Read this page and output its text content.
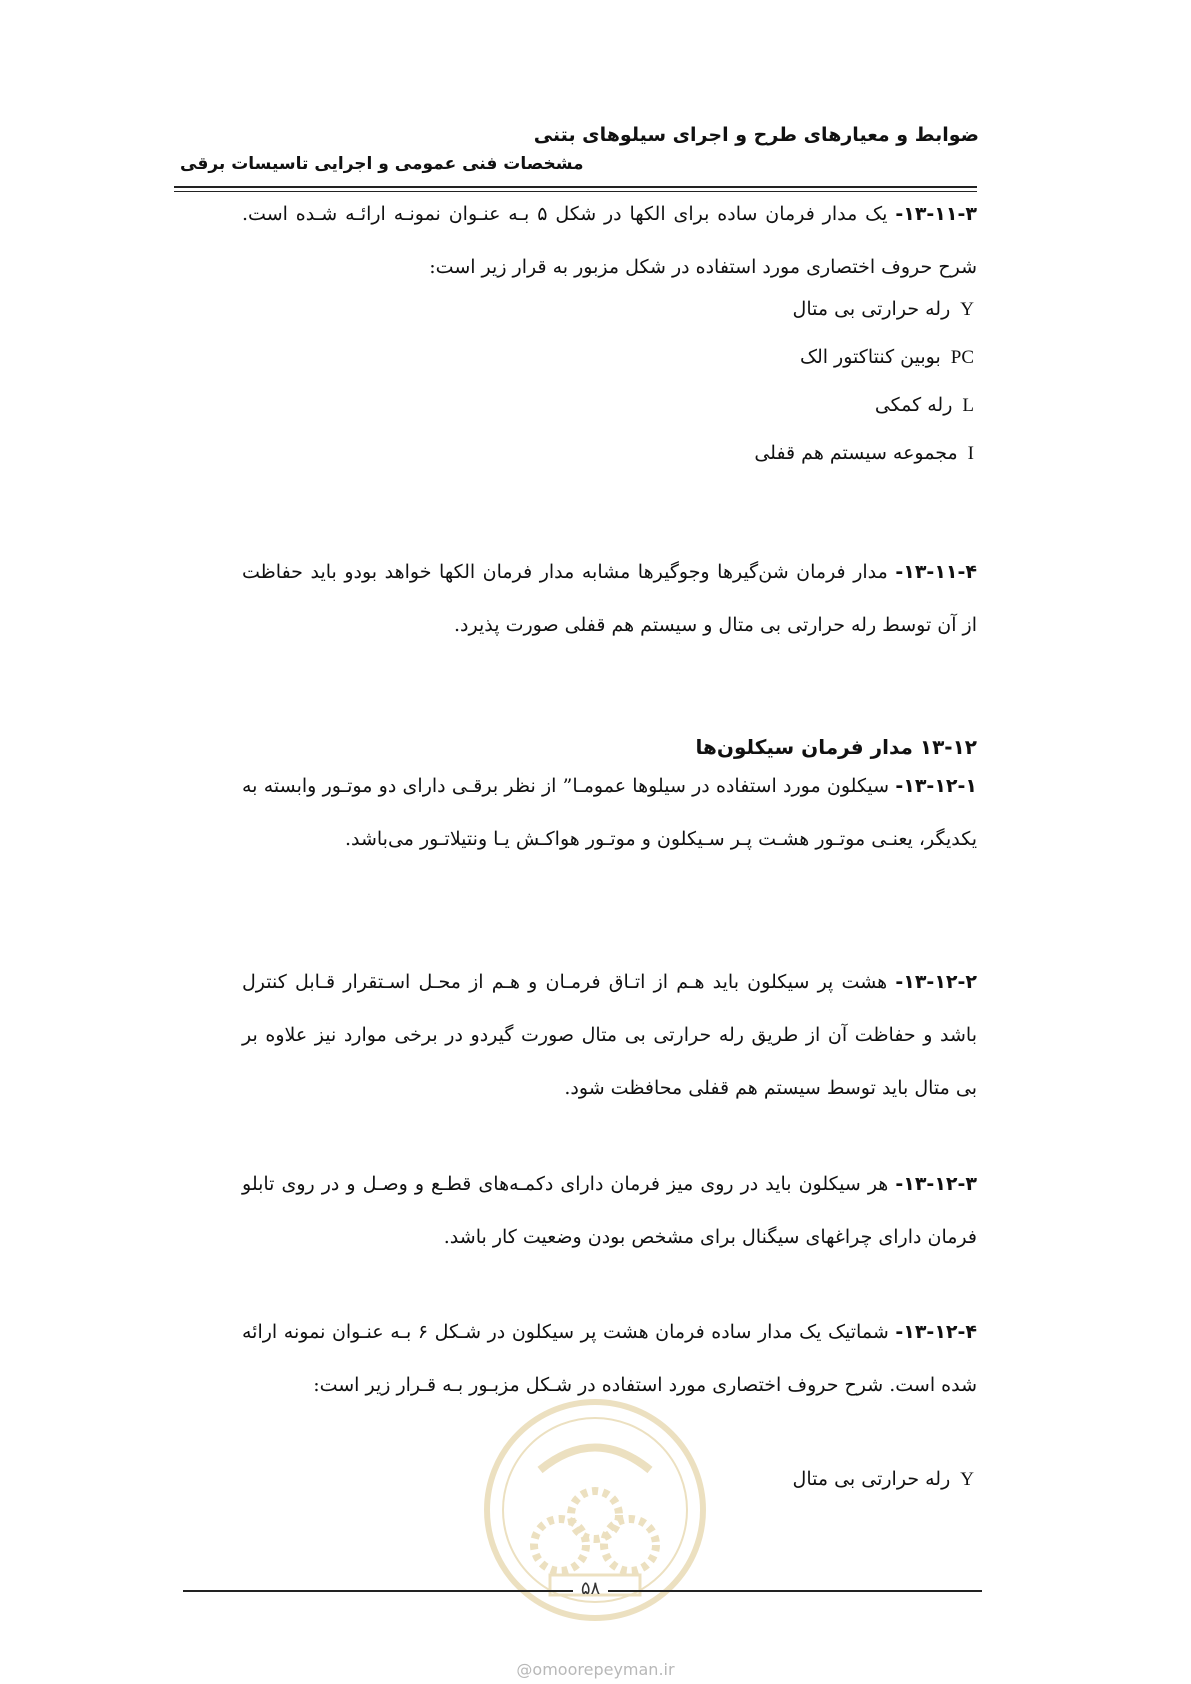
ضوابط و معیارهای طرح و اجرای سیلوهای بتنی
مشخصات فنی عمومی و اجرایی تاسیسات برقی

۱۳-۱۱-۳- یک مدار فرمان ساده برای الکها در شکل ۵ بـه عنـوان نمونـه ارائـه شـده است. شرح حروف اختصاری مورد استفاده در شکل مزبور به قرار زیر است:

Yرله حرارتی بی متال
PCبوبین کنتاکتور الک
Lرله کمکی
Iمجموعه سیستم هم قفلی

۱۳-۱۱-۴- مدار فرمان شن‌گیرها وجوگیرها مشابه مدار فرمان الکها خواهد بودو باید حفاظت از آن توسط رله حرارتی بی متال و سیستم هم قفلی صورت پذیرد.

۱۳-۱۲ مدار فرمان سیکلون‌ها

۱۳-۱۲-۱- سیکلون مورد استفاده در سیلوها عمومـا” از نظر برقـی دارای دو موتـور وابسته به یکدیگر، یعنـی موتـور هشـت پـر سـیکلون و موتـور هواکـش یـا ونتیلاتـور می‌باشد.

۱۳-۱۲-۲- هشت پر سیکلون باید هـم از اتـاق فرمـان و هـم از محـل اسـتقرار قـابل کنترل باشد و حفاظت آن از طریق رله حرارتی بی متال صورت گیردو در برخی موارد نیز علاوه بر بی متال باید توسط سیستم هم قفلی محافظت شود.

۱۳-۱۲-۳- هر سیکلون باید در روی میز فرمان دارای دکمـه‌های قطـع و وصـل و در روی تابلو فرمان دارای چراغهای سیگنال برای مشخص بودن وضعیت کار باشد.

۱۳-۱۲-۴- شماتیک یک مدار ساده فرمان هشت پر سیکلون در شـکل ۶ بـه عنـوان نمونه ارائه شده است. شرح حروف اختصاری مورد استفاده در شـکل مزبـور بـه قـرار زیر است:

Yرله حرارتی بی متال
۵۸
@omoorepeyman.ir
